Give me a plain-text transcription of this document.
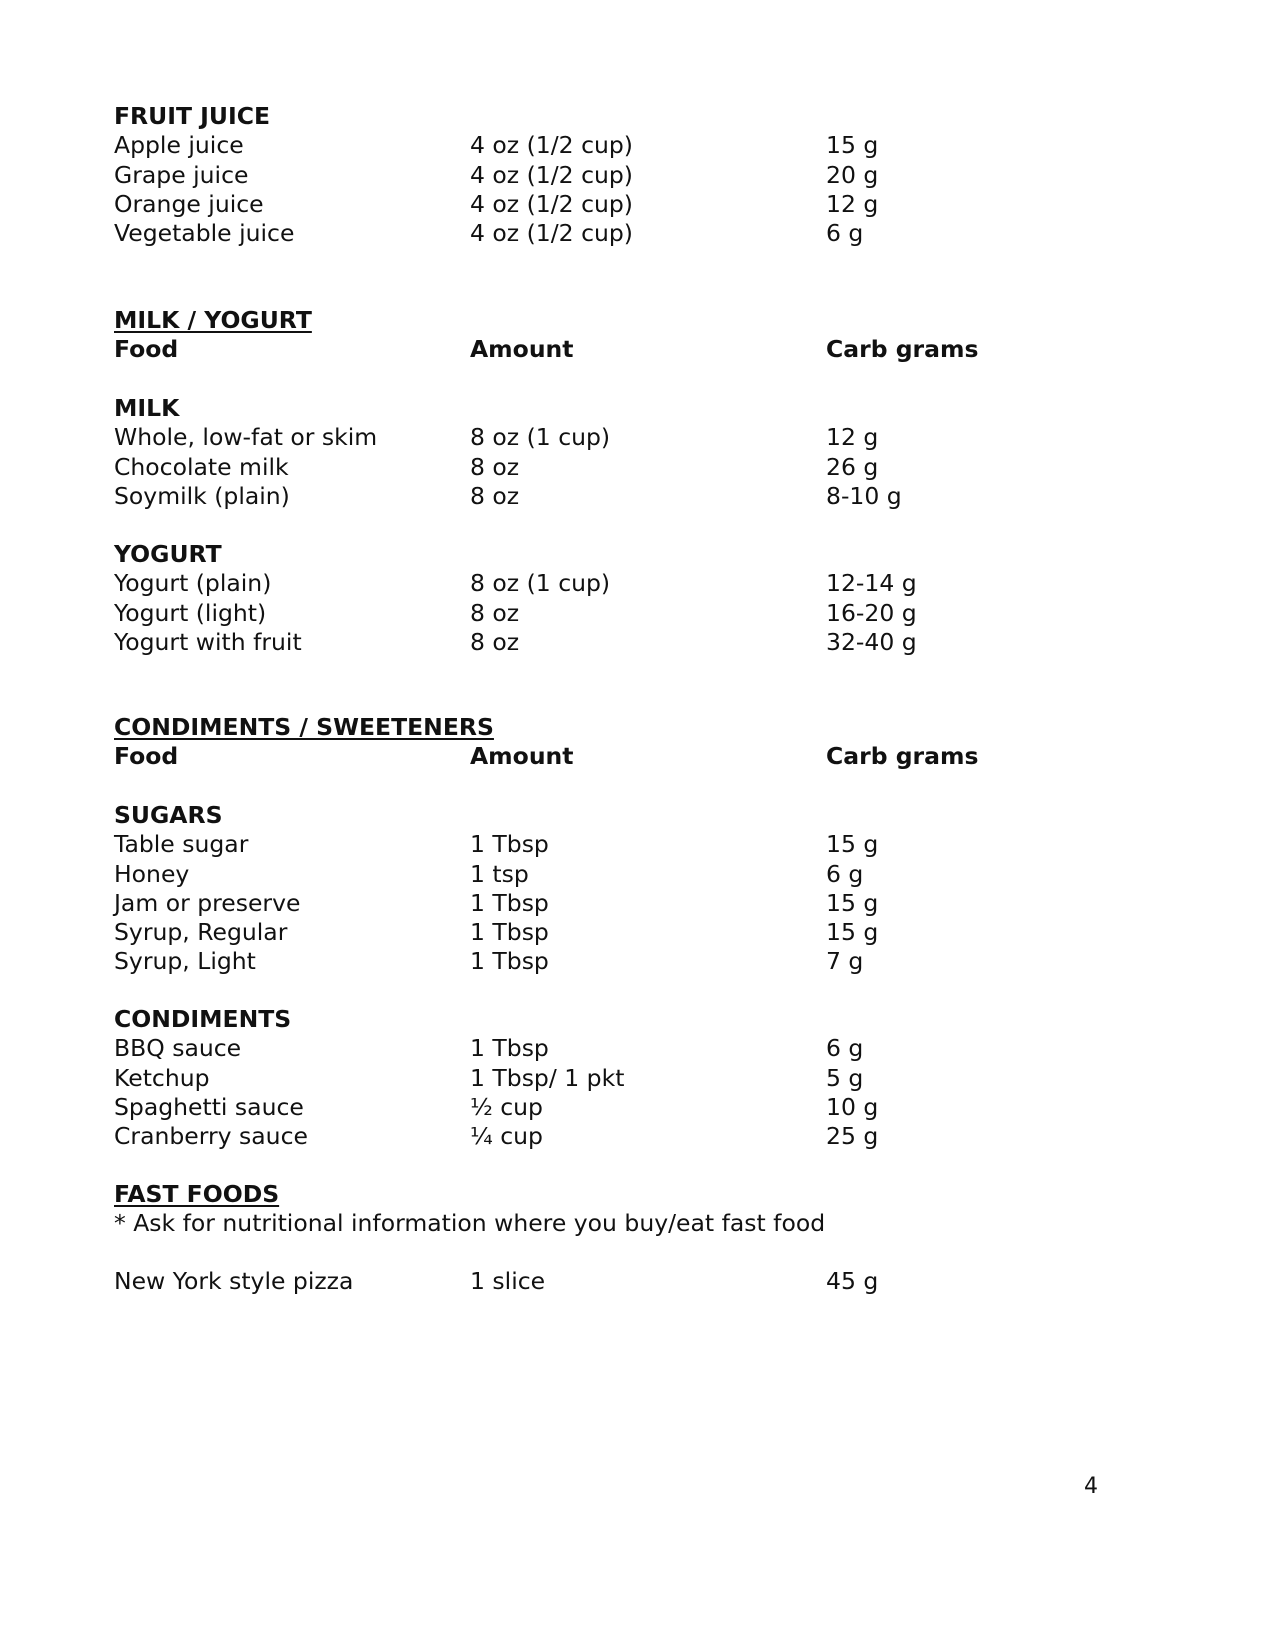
FRUIT JUICE
Apple juice	4 oz (1/2 cup)	15 g
Grape juice	4 oz (1/2 cup)	20 g
Orange juice	4 oz (1/2 cup)	12 g
Vegetable juice	4 oz (1/2 cup)	6 g
MILK / YOGURT
Food	Amount	Carb grams
MILK
Whole, low-fat or skim	8 oz (1 cup)	12 g
Chocolate milk	8 oz	26 g
Soymilk (plain)	8 oz	8-10 g
YOGURT
Yogurt (plain)	8 oz (1 cup)	12-14 g
Yogurt (light)	8 oz	16-20 g
Yogurt with fruit	8 oz	32-40 g
CONDIMENTS / SWEETENERS
Food	Amount	Carb grams
SUGARS
Table sugar	1 Tbsp	15 g
Honey	1 tsp	6 g
Jam or preserve	1 Tbsp	15 g
Syrup, Regular	1 Tbsp	15 g
Syrup, Light	1 Tbsp	7 g
CONDIMENTS
BBQ sauce	1 Tbsp	6 g
Ketchup	1 Tbsp/ 1 pkt	5 g
Spaghetti sauce	½ cup	10 g
Cranberry sauce	¼ cup	25 g
FAST FOODS
* Ask for nutritional information where you buy/eat fast food
New York style pizza	1 slice	45 g
4
